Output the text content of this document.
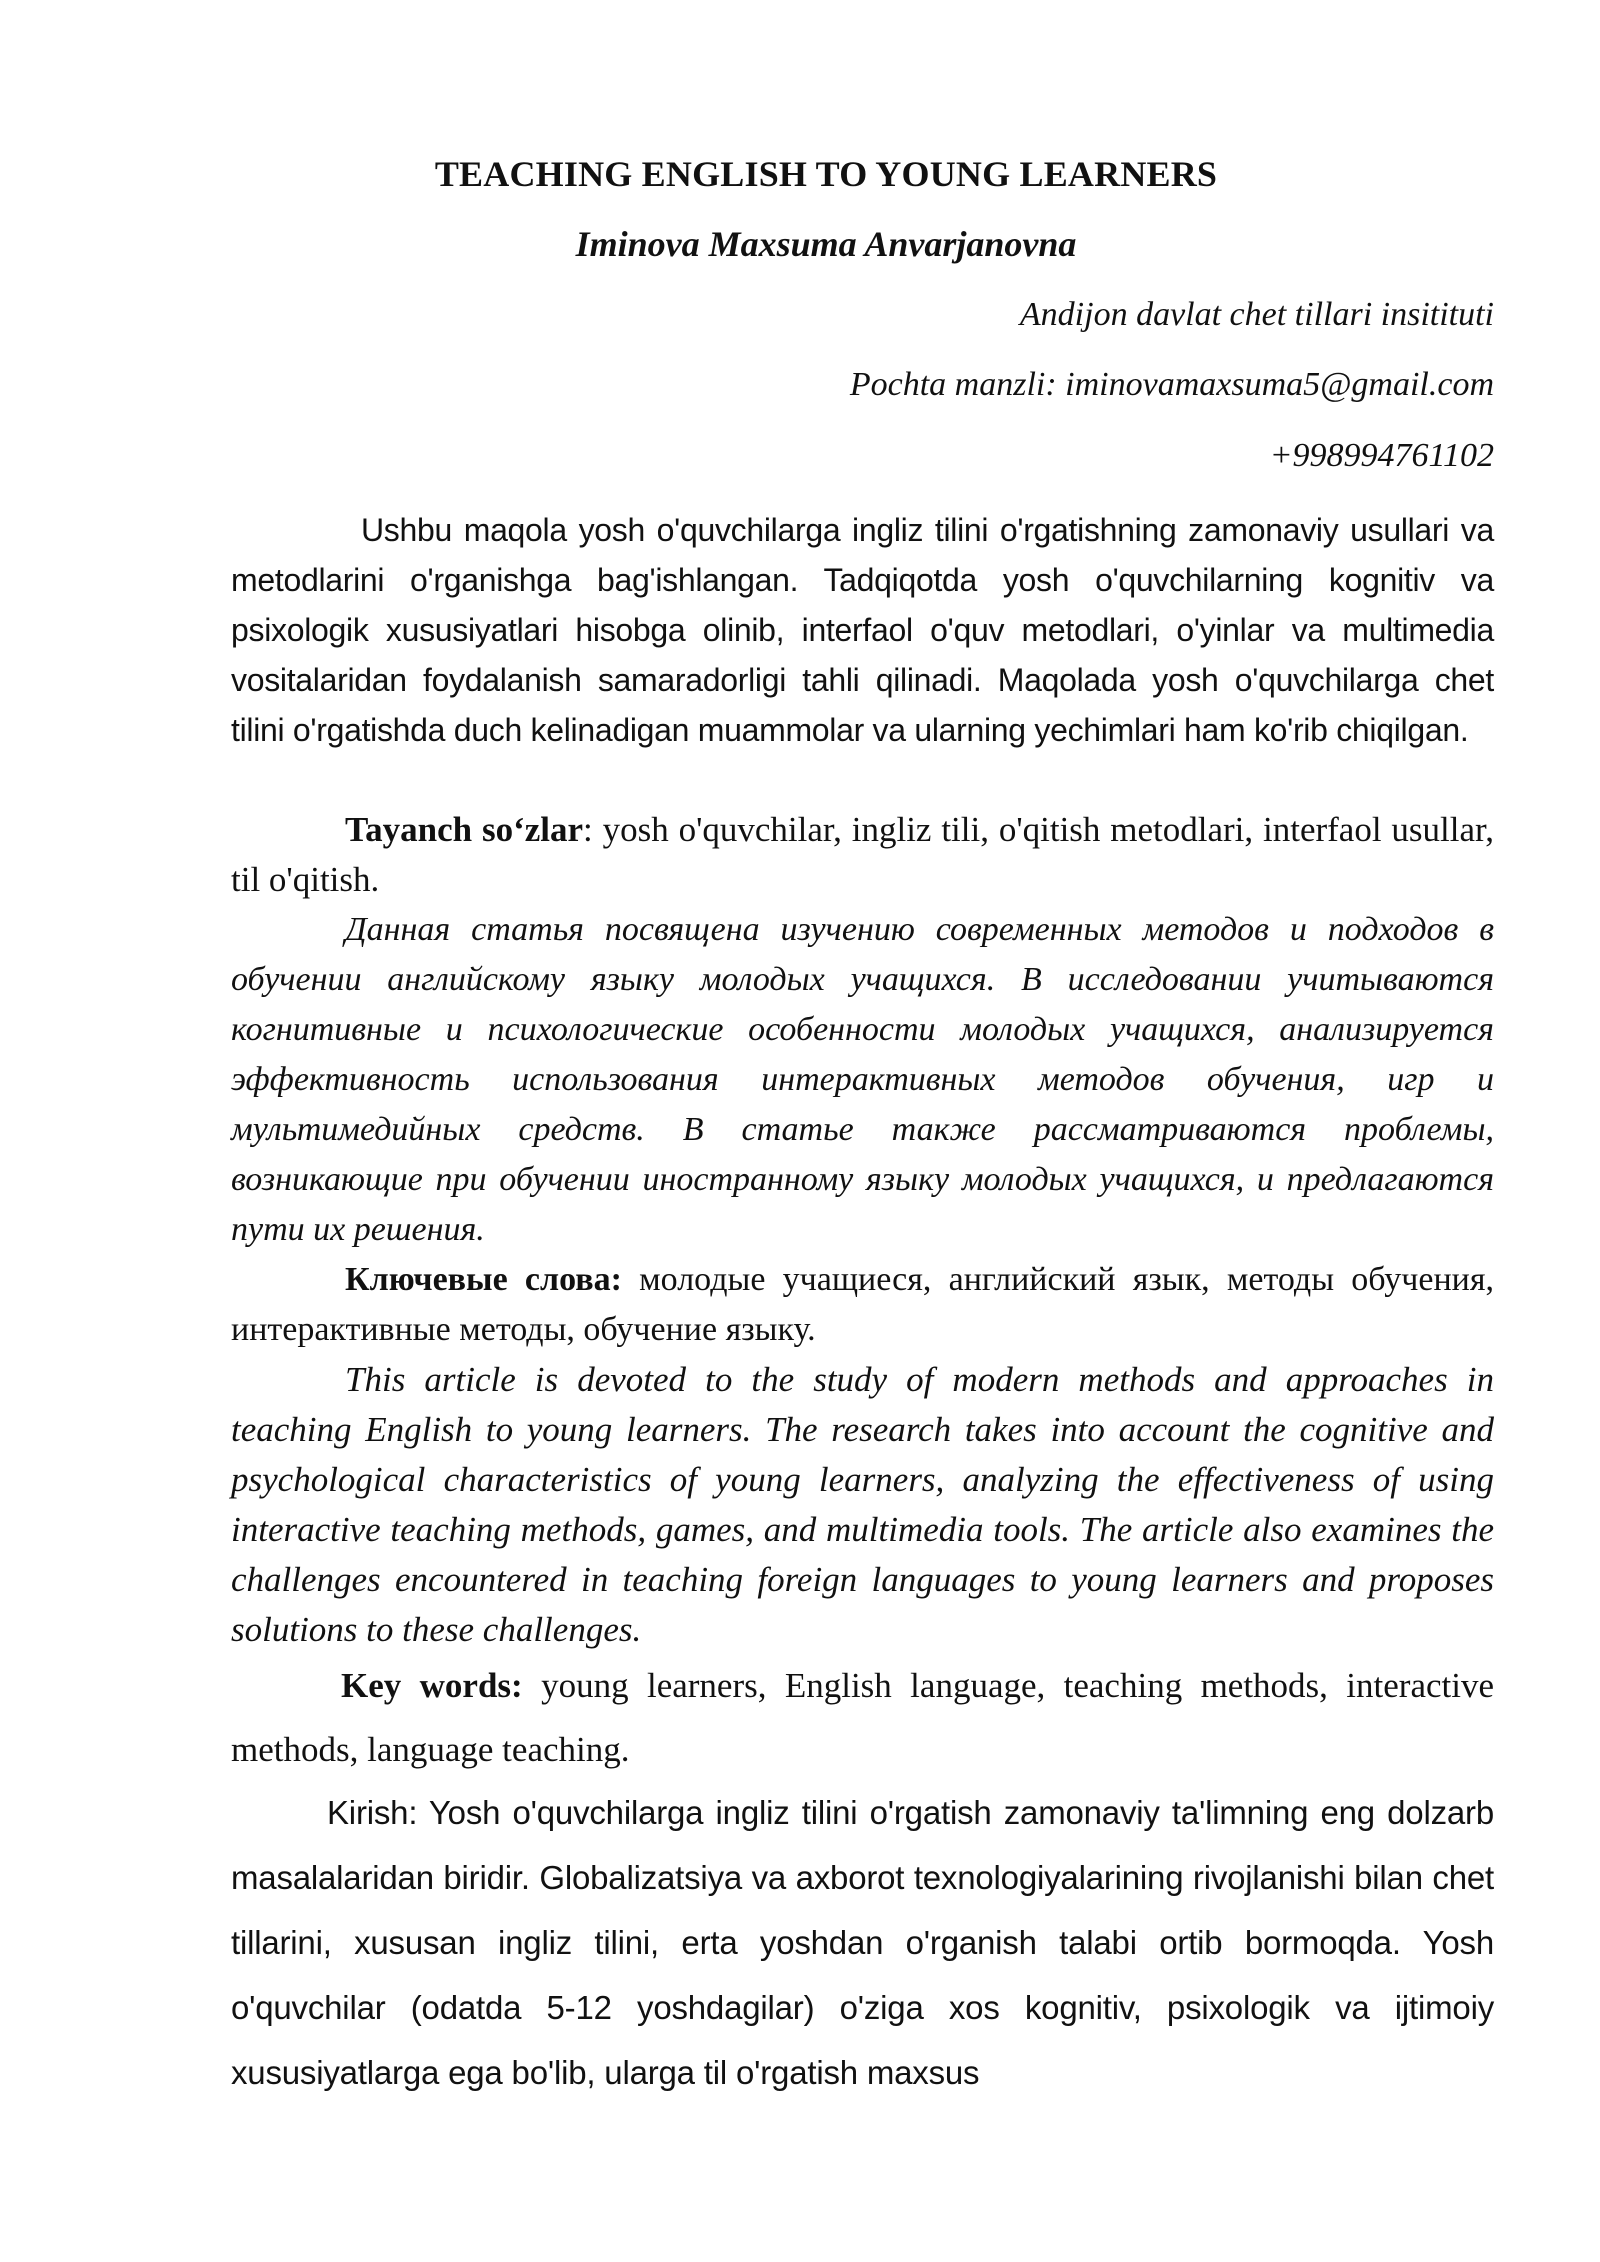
TEACHING ENGLISH TO YOUNG LEARNERS
Iminova Maxsuma Anvarjanovna
Andijon davlat chet tillari insitituti
Pochta manzli: iminovamaxsuma5@gmail.com
+998994761102

Ushbu maqola yosh o'quvchilarga ingliz tilini o'rgatishning zamonaviy usullari va metodlarini o'rganishga bag'ishlangan. Tadqiqotda yosh o'quvchilarning kognitiv va psixologik xususiyatlari hisobga olinib, interfaol o'quv metodlari, o'yinlar va multimedia vositalaridan foydalanish samaradorligi tahli qilinadi. Maqolada yosh o'quvchilarga chet tilini o'rgatishda duch kelinadigan muammolar va ularning yechimlari ham ko'rib chiqilgan.

Tayanch so‘zlar: yosh o'quvchilar, ingliz tili, o'qitish metodlari, interfaol usullar, til o'qitish.

Данная статья посвящена изучению современных методов и подходов в обучении английскому языку молодых учащихся. В исследовании учитываются когнитивные и психологические особенности молодых учащихся, анализируется эффективность использования интерактивных методов обучения, игр и мультимедийных средств. В статье также рассматриваются проблемы, возникающие при обучении иностранному языку молодых учащихся, и предлагаются пути их решения.

Ключевые слова: молодые учащиеся, английский язык, методы обучения, интерактивные методы, обучение языку.

This article is devoted to the study of modern methods and approaches in teaching English to young learners. The research takes into account the cognitive and psychological characteristics of young learners, analyzing the effectiveness of using interactive teaching methods, games, and multimedia tools. The article also examines the challenges encountered in teaching foreign languages to young learners and proposes solutions to these challenges.

Key words: young learners, English language, teaching methods, interactive methods, language teaching.

Kirish: Yosh o'quvchilarga ingliz tilini o'rgatish zamonaviy ta'limning eng dolzarb masalalaridan biridir. Globalizatsiya va axborot texnologiyalarining rivojlanishi bilan chet tillarini, xususan ingliz tilini, erta yoshdan o'rganish talabi ortib bormoqda. Yosh o'quvchilar (odatda 5-12 yoshdagilar) o'ziga xos kognitiv, psixologik va ijtimoiy xususiyatlarga ega bo'lib, ularga til o'rgatish maxsus
